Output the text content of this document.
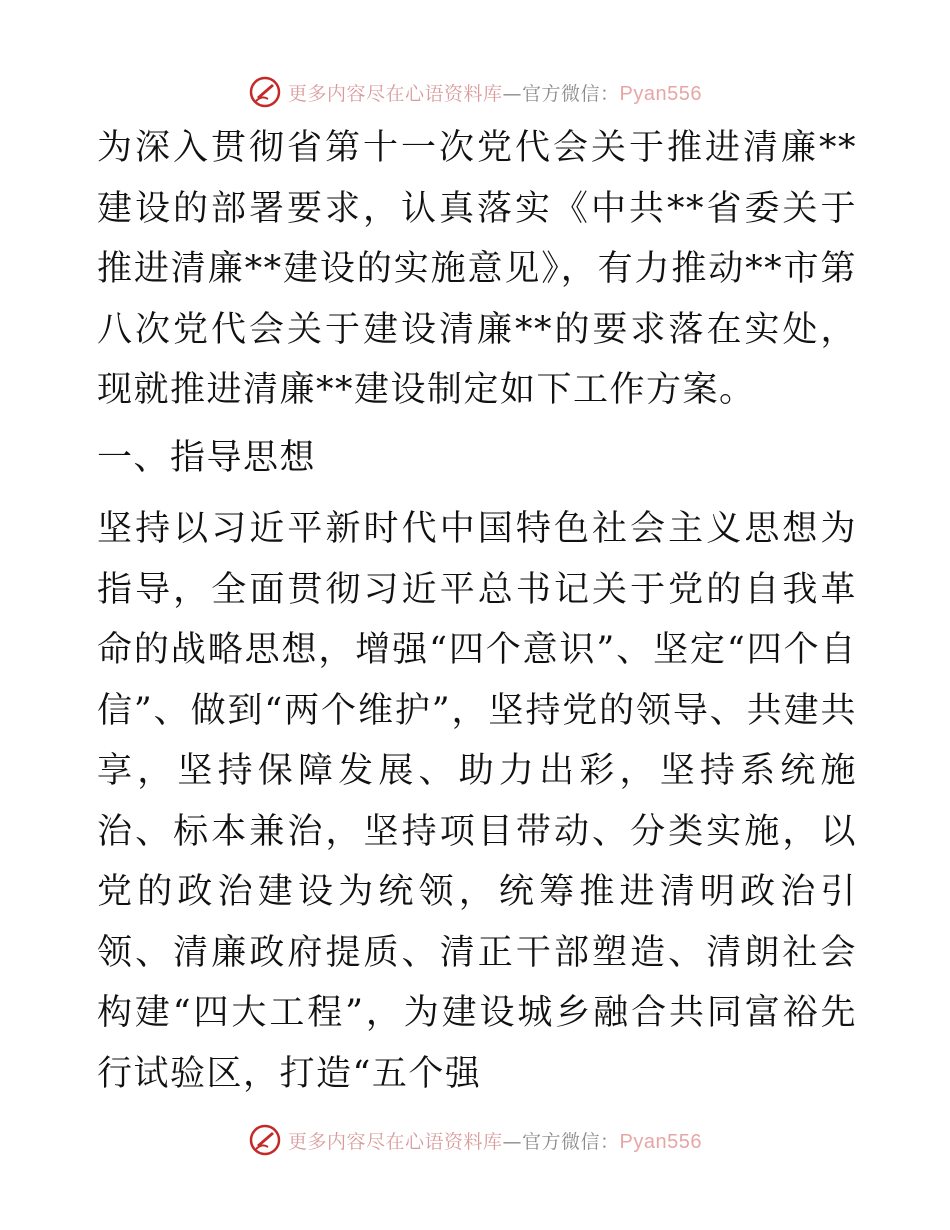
更多内容尽在心语资料库—官方微信：Pyan556

为深入贯彻省第十一次党代会关于推进清廉**建设的部署要求，认真落实《中共**省委关于推进清廉**建设的实施意见》，有力推动**市第八次党代会关于建设清廉**的要求落在实处，现就推进清廉**建设制定如下工作方案。

一、指导思想

坚持以习近平新时代中国特色社会主义思想为指导，全面贯彻习近平总书记关于党的自我革命的战略思想，增强“四个意识”、坚定“四个自信”、做到“两个维护”，坚持党的领导、共建共享，坚持保障发展、助力出彩，坚持系统施治、标本兼治，坚持项目带动、分类实施，以党的政治建设为统领，统筹推进清明政治引领、清廉政府提质、清正干部塑造、清朗社会构建“四大工程”，为建设城乡融合共同富裕先行试验区，打造“五个强

更多内容尽在心语资料库—官方微信：Pyan556
